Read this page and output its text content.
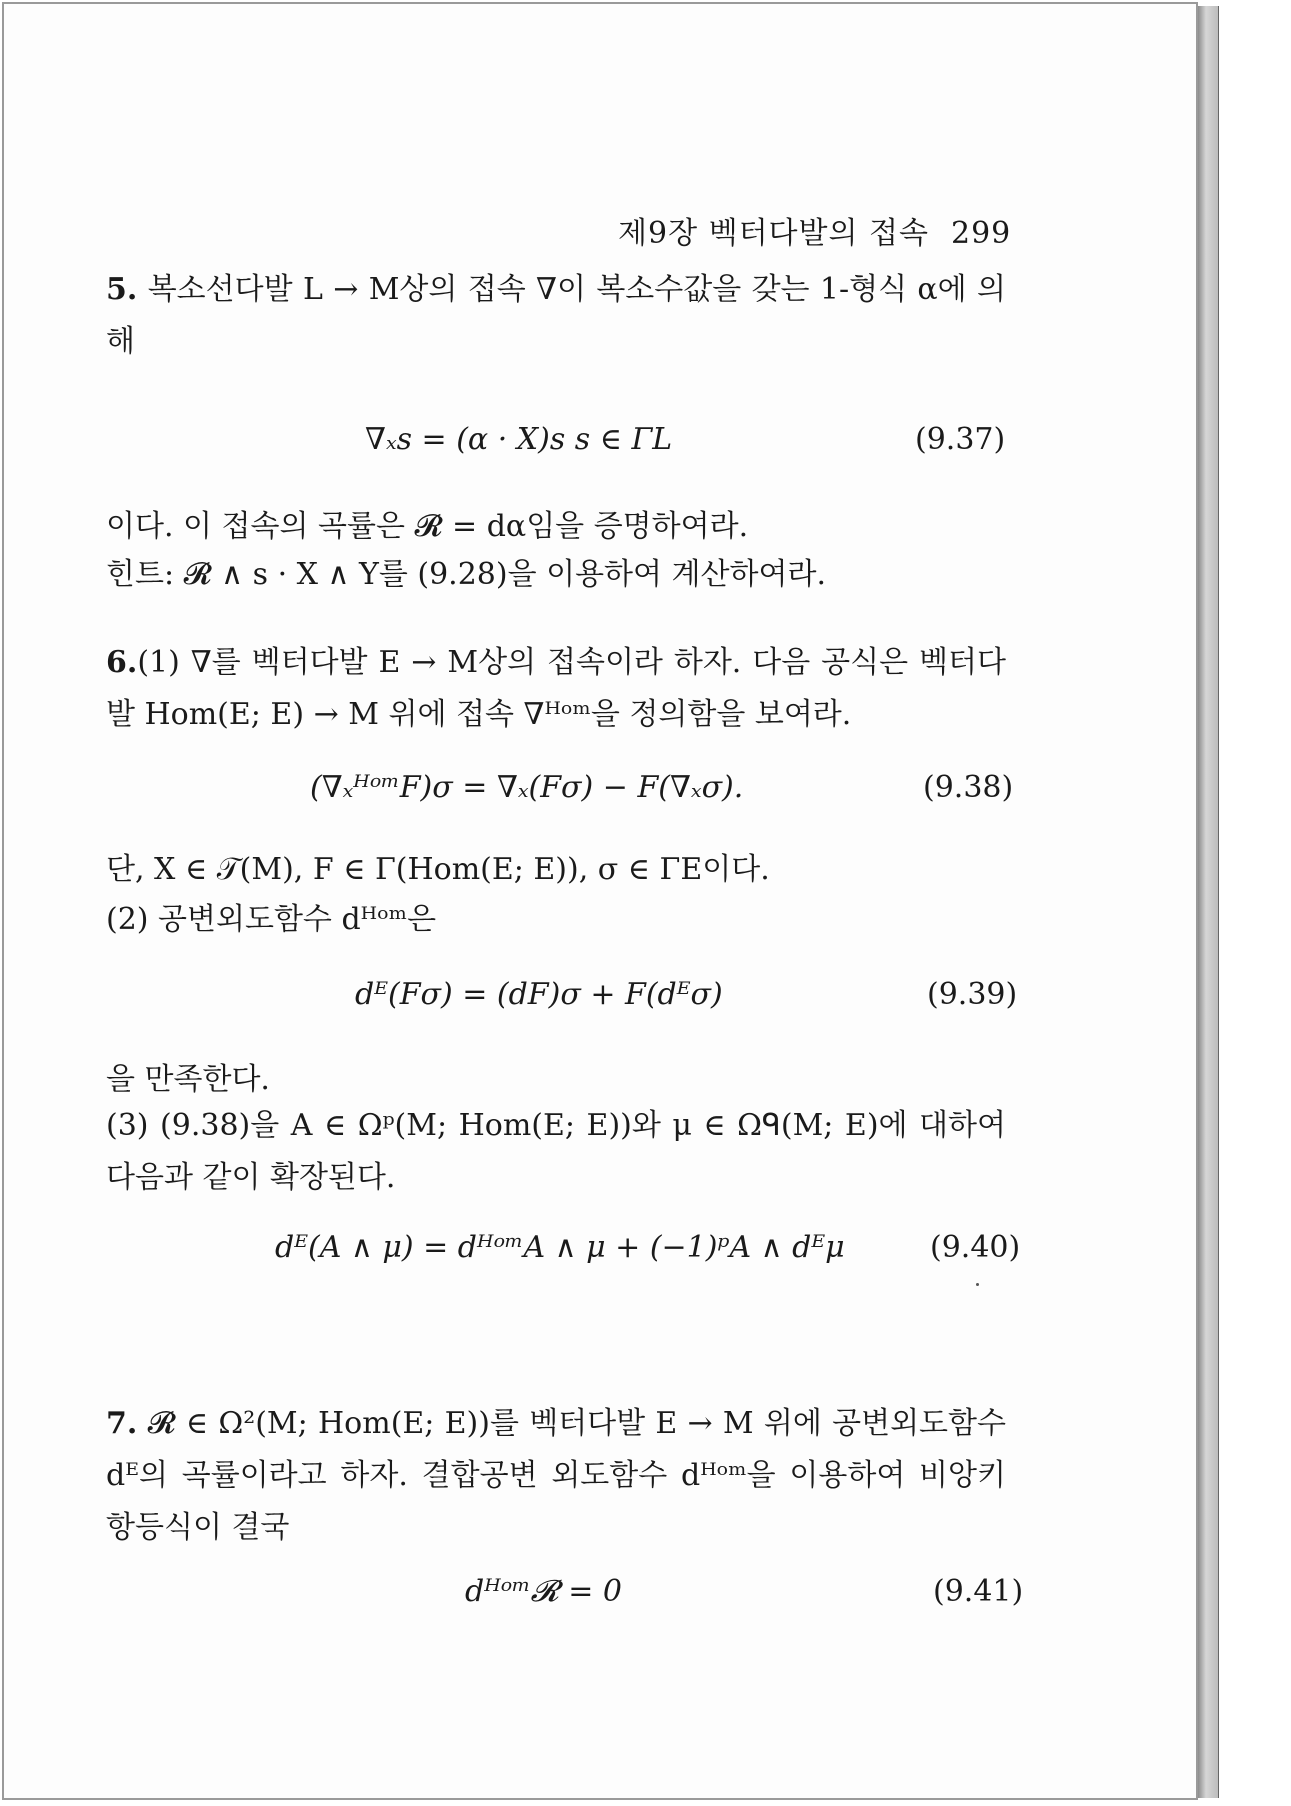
제9장 벡터다발의 접속 299
5. 복소선다발 L → M상의 접속 ∇이 복소수값을 갖는 1-형식 α에 의해
∇ₓs = (α · X)s s ∈ ΓL	(9.37)
이다. 이 접속의 곡률은 𝓡 = dα임을 증명하여라.
힌트: 𝓡 ∧ s · X ∧ Y를 (9.28)을 이용하여 계산하여라.
6.(1) ∇를 벡터다발 E → M상의 접속이라 하자. 다음 공식은 벡터다발 Hom(E; E) → M 위에 접속 ∇ᴴᵒᵐ을 정의함을 보여라.
(∇ₓᴴᵒᵐF)σ = ∇ₓ(Fσ) − F(∇ₓσ).	(9.38)
단, X ∈ 𝒯(M), F ∈ Γ(Hom(E; E)), σ ∈ ΓE이다.
(2) 공변외도함수 dᴴᵒᵐ은
dᴱ(Fσ) = (dF)σ + F(dᴱσ)	(9.39)
을 만족한다.
(3) (9.38)을 A ∈ Ωᵖ(M; Hom(E; E))와 μ ∈ Ωᑫ(M; E)에 대하여 다음과 같이 확장된다.
dᴱ(A ∧ μ) = dᴴᵒᵐA ∧ μ + (−1)ᵖA ∧ dᴱμ	(9.40)
7. 𝓡 ∈ Ω²(M; Hom(E; E))를 벡터다발 E → M 위에 공변외도함수 dᴱ의 곡률이라고 하자. 결합공변 외도함수 dᴴᵒᵐ을 이용하여 비앙키 항등식이 결국
dᴴᵒᵐ𝓡 = 0	(9.41)
